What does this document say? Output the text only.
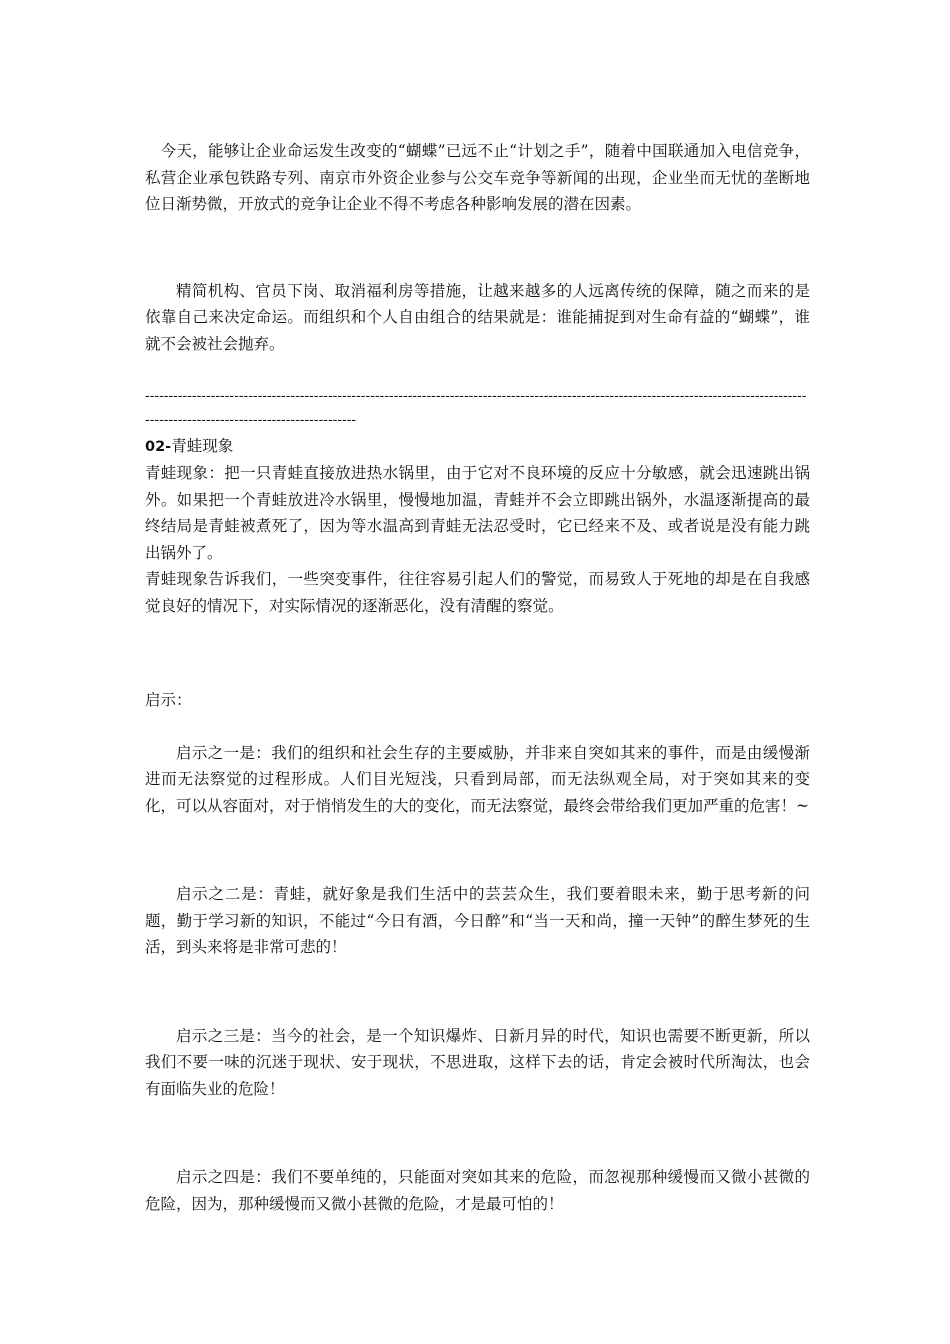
今天，能够让企业命运发生改变的“蝴蝶”已远不止“计划之手”，随着中国联通加入电信竞争，私营企业承包铁路专列、南京市外资企业参与公交车竞争等新闻的出现，企业坐而无忧的垄断地位日渐势微，开放式的竞争让企业不得不考虑各种影响发展的潜在因素。

精简机构、官员下岗、取消福利房等措施，让越来越多的人远离传统的保障，随之而来的是依靠自己来决定命运。而组织和个人自由组合的结果就是：谁能捕捉到对生命有益的“蝴蝶”，谁就不会被社会抛弃。

------------------------------------------------------------------------------------------------------------------------------------------------------------------------------------------

02-青蛙现象

青蛙现象：把一只青蛙直接放进热水锅里，由于它对不良环境的反应十分敏感，就会迅速跳出锅外。如果把一个青蛙放进冷水锅里，慢慢地加温，青蛙并不会立即跳出锅外，水温逐渐提高的最终结局是青蛙被煮死了，因为等水温高到青蛙无法忍受时，它已经来不及、或者说是没有能力跳出锅外了。

青蛙现象告诉我们，一些突变事件，往往容易引起人们的警觉，而易致人于死地的却是在自我感觉良好的情况下，对实际情况的逐渐恶化，没有清醒的察觉。

启示：

启示之一是：我们的组织和社会生存的主要威胁，并非来自突如其来的事件，而是由缓慢渐进而无法察觉的过程形成。人们目光短浅，只看到局部，而无法纵观全局，对于突如其来的变化，可以从容面对，对于悄悄发生的大的变化，而无法察觉，最终会带给我们更加严重的危害！~

启示之二是：青蛙，就好象是我们生活中的芸芸众生，我们要着眼未来，勤于思考新的问题，勤于学习新的知识，不能过“今日有酒，今日醉”和“当一天和尚，撞一天钟”的醉生梦死的生活，到头来将是非常可悲的！

启示之三是：当今的社会，是一个知识爆炸、日新月异的时代，知识也需要不断更新，所以我们不要一味的沉迷于现状、安于现状，不思进取，这样下去的话，肯定会被时代所淘汰，也会有面临失业的危险！

启示之四是：我们不要单纯的，只能面对突如其来的危险，而忽视那种缓慢而又微小甚微的危险，因为，那种缓慢而又微小甚微的危险，才是最可怕的！
